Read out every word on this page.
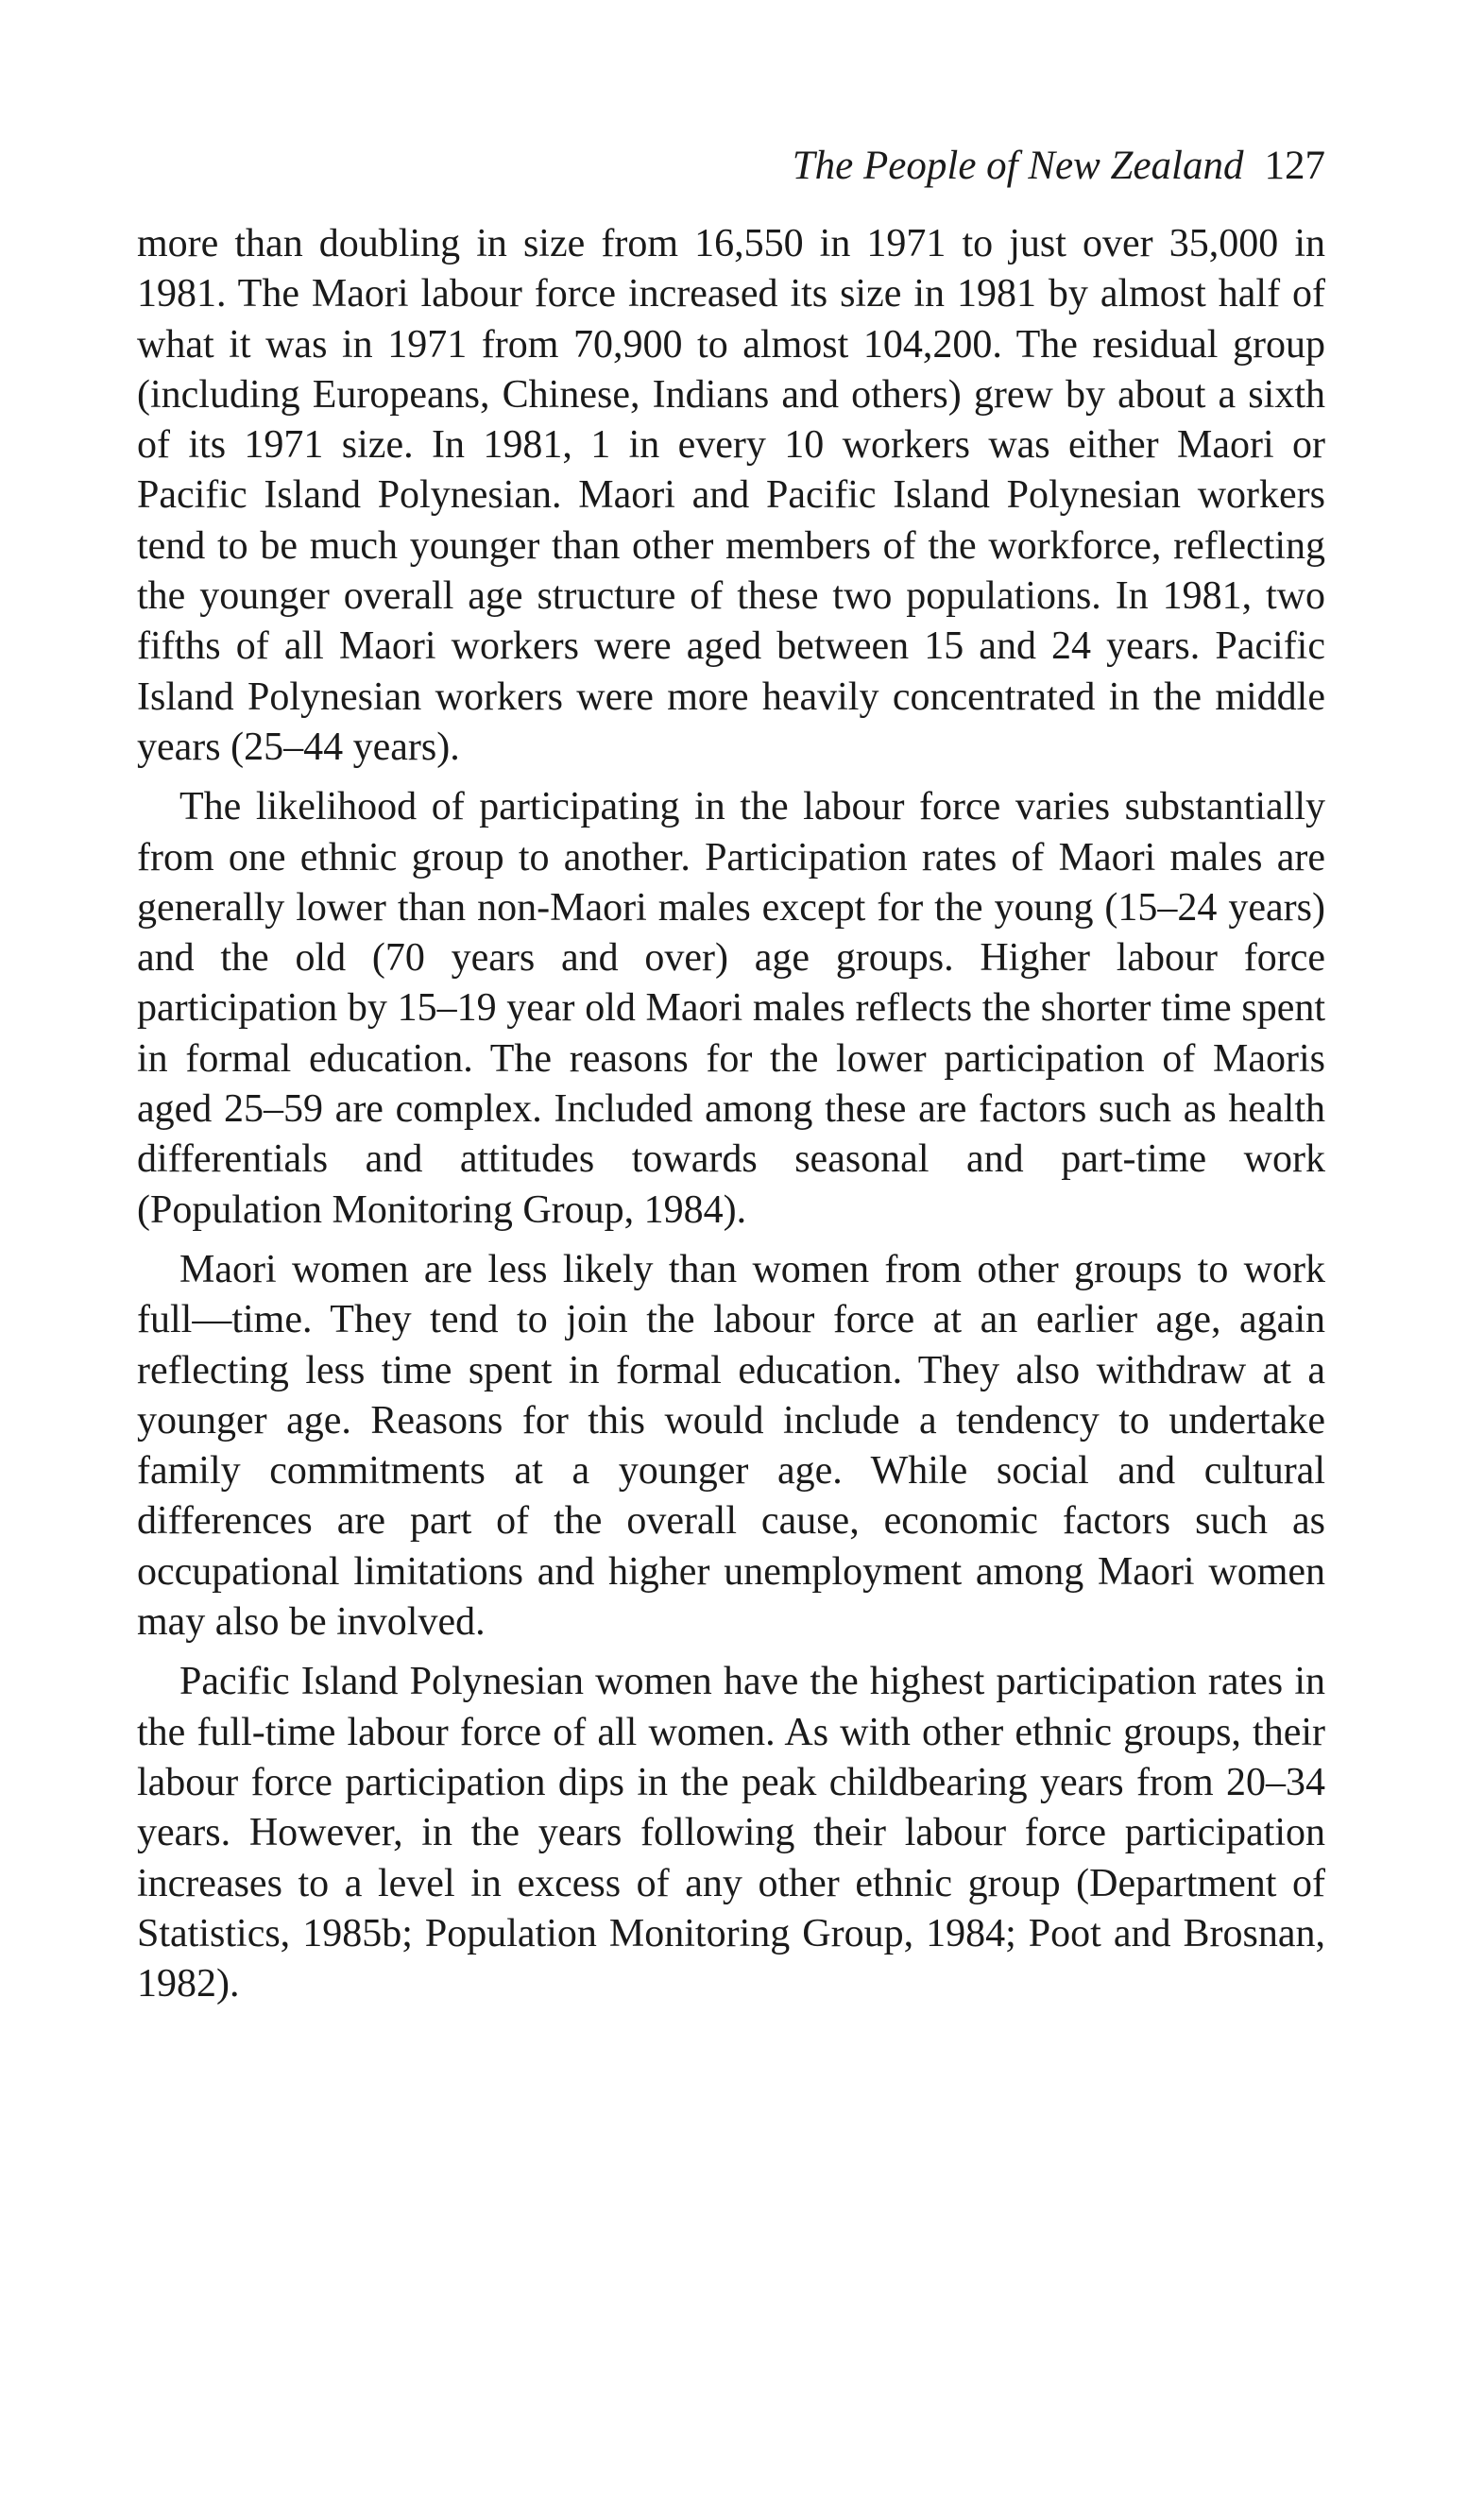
The People of New Zealand 127

more than doubling in size from 16,550 in 1971 to just over 35,000 in 1981. The Maori labour force increased its size in 1981 by almost half of what it was in 1971 from 70,900 to almost 104,200. The residual group (including Europeans, Chinese, Indians and others) grew by about a sixth of its 1971 size. In 1981, 1 in every 10 workers was either Maori or Pacific Island Polynesian. Maori and Pacific Island Polynesian workers tend to be much younger than other members of the workforce, reflecting the younger overall age structure of these two populations. In 1981, two fifths of all Maori workers were aged between 15 and 24 years. Pacific Island Polynesian workers were more heavily concentrated in the middle years (25–44 years).

The likelihood of participating in the labour force varies substantially from one ethnic group to another. Participation rates of Maori males are generally lower than non-Maori males except for the young (15–24 years) and the old (70 years and over) age groups. Higher labour force participation by 15–19 year old Maori males reflects the shorter time spent in formal education. The reasons for the lower participation of Maoris aged 25–59 are complex. Included among these are factors such as health differentials and attitudes towards seasonal and part-time work (Population Monitoring Group, 1984).

Maori women are less likely than women from other groups to work full—time. They tend to join the labour force at an earlier age, again reflecting less time spent in formal education. They also withdraw at a younger age. Reasons for this would include a tendency to undertake family commitments at a younger age. While social and cultural differences are part of the overall cause, economic factors such as occupational limitations and higher unemployment among Maori women may also be involved.

Pacific Island Polynesian women have the highest participation rates in the full-time labour force of all women. As with other ethnic groups, their labour force participation dips in the peak childbearing years from 20–34 years. However, in the years following their labour force participation increases to a level in excess of any other ethnic group (Department of Statistics, 1985b; Population Monitoring Group, 1984; Poot and Brosnan, 1982).
